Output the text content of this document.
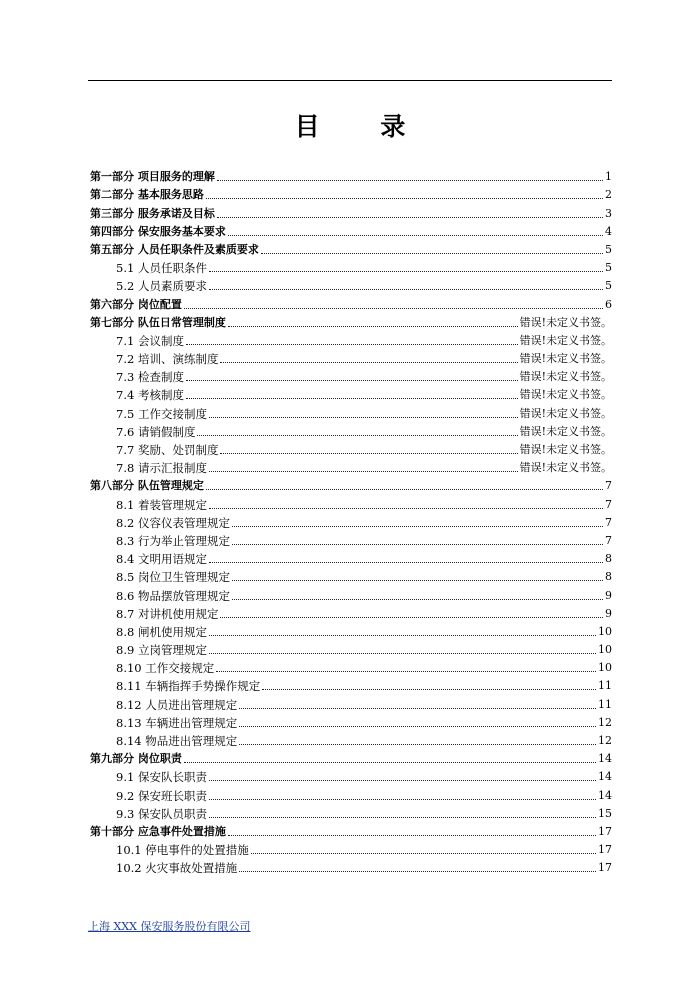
目 录
第一部分 项目服务的理解	1
第二部分 基本服务思路	2
第三部分 服务承诺及目标	3
第四部分 保安服务基本要求	4
第五部分 人员任职条件及素质要求	5
5.1 人员任职条件	5
5.2 人员素质要求	5
第六部分 岗位配置	6
第七部分 队伍日常管理制度	错误!未定义书签。
7.1 会议制度	错误!未定义书签。
7.2 培训、演练制度	错误!未定义书签。
7.3 检查制度	错误!未定义书签。
7.4 考核制度	错误!未定义书签。
7.5 工作交接制度	错误!未定义书签。
7.6 请销假制度	错误!未定义书签。
7.7 奖励、处罚制度	错误!未定义书签。
7.8 请示汇报制度	错误!未定义书签。
第八部分 队伍管理规定	7
8.1 着装管理规定	7
8.2 仪容仪表管理规定	7
8.3 行为举止管理规定	7
8.4 文明用语规定	8
8.5 岗位卫生管理规定	8
8.6 物品摆放管理规定	9
8.7 对讲机使用规定	9
8.8 闸机使用规定	10
8.9 立岗管理规定	10
8.10 工作交接规定	10
8.11 车辆指挥手势操作规定	11
8.12 人员进出管理规定	11
8.13 车辆进出管理规定	12
8.14 物品进出管理规定	12
第九部分 岗位职责	14
9.1 保安队长职责	14
9.2 保安班长职责	14
9.3 保安队员职责	15
第十部分 应急事件处置措施	17
10.1 停电事件的处置措施	17
10.2 火灾事故处置措施	17
上海 XXX 保安服务股份有限公司
